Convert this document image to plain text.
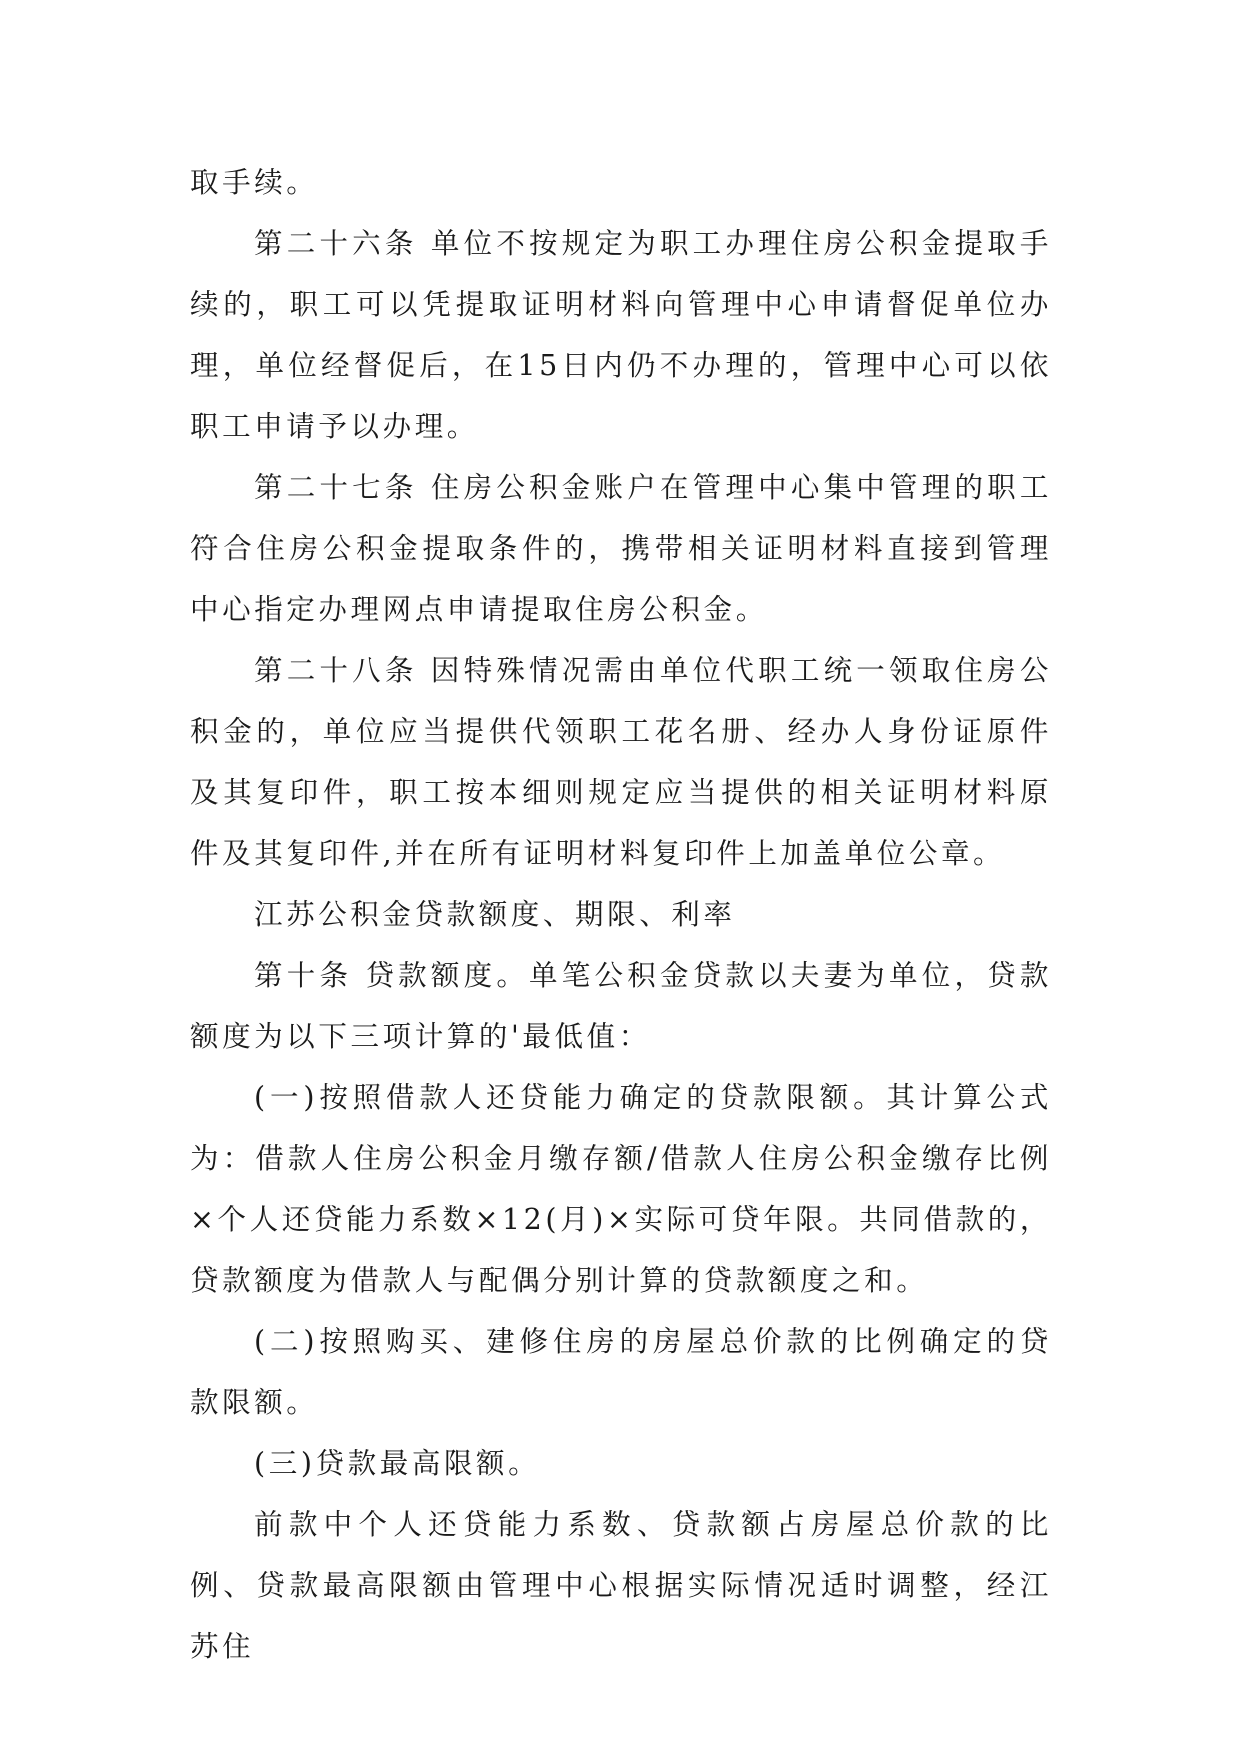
取手续。

第二十六条 单位不按规定为职工办理住房公积金提取手续的，职工可以凭提取证明材料向管理中心申请督促单位办理，单位经督促后，在15日内仍不办理的，管理中心可以依职工申请予以办理。

第二十七条 住房公积金账户在管理中心集中管理的职工符合住房公积金提取条件的，携带相关证明材料直接到管理中心指定办理网点申请提取住房公积金。

第二十八条 因特殊情况需由单位代职工统一领取住房公积金的，单位应当提供代领职工花名册、经办人身份证原件及其复印件，职工按本细则规定应当提供的相关证明材料原件及其复印件,并在所有证明材料复印件上加盖单位公章。

江苏公积金贷款额度、期限、利率

第十条 贷款额度。单笔公积金贷款以夫妻为单位，贷款额度为以下三项计算的'最低值：

(一)按照借款人还贷能力确定的贷款限额。其计算公式为：借款人住房公积金月缴存额/借款人住房公积金缴存比例×个人还贷能力系数×12(月)×实际可贷年限。共同借款的，贷款额度为借款人与配偶分别计算的贷款额度之和。

(二)按照购买、建修住房的房屋总价款的比例确定的贷款限额。

(三)贷款最高限额。

前款中个人还贷能力系数、贷款额占房屋总价款的比例、贷款最高限额由管理中心根据实际情况适时调整，经江苏住
